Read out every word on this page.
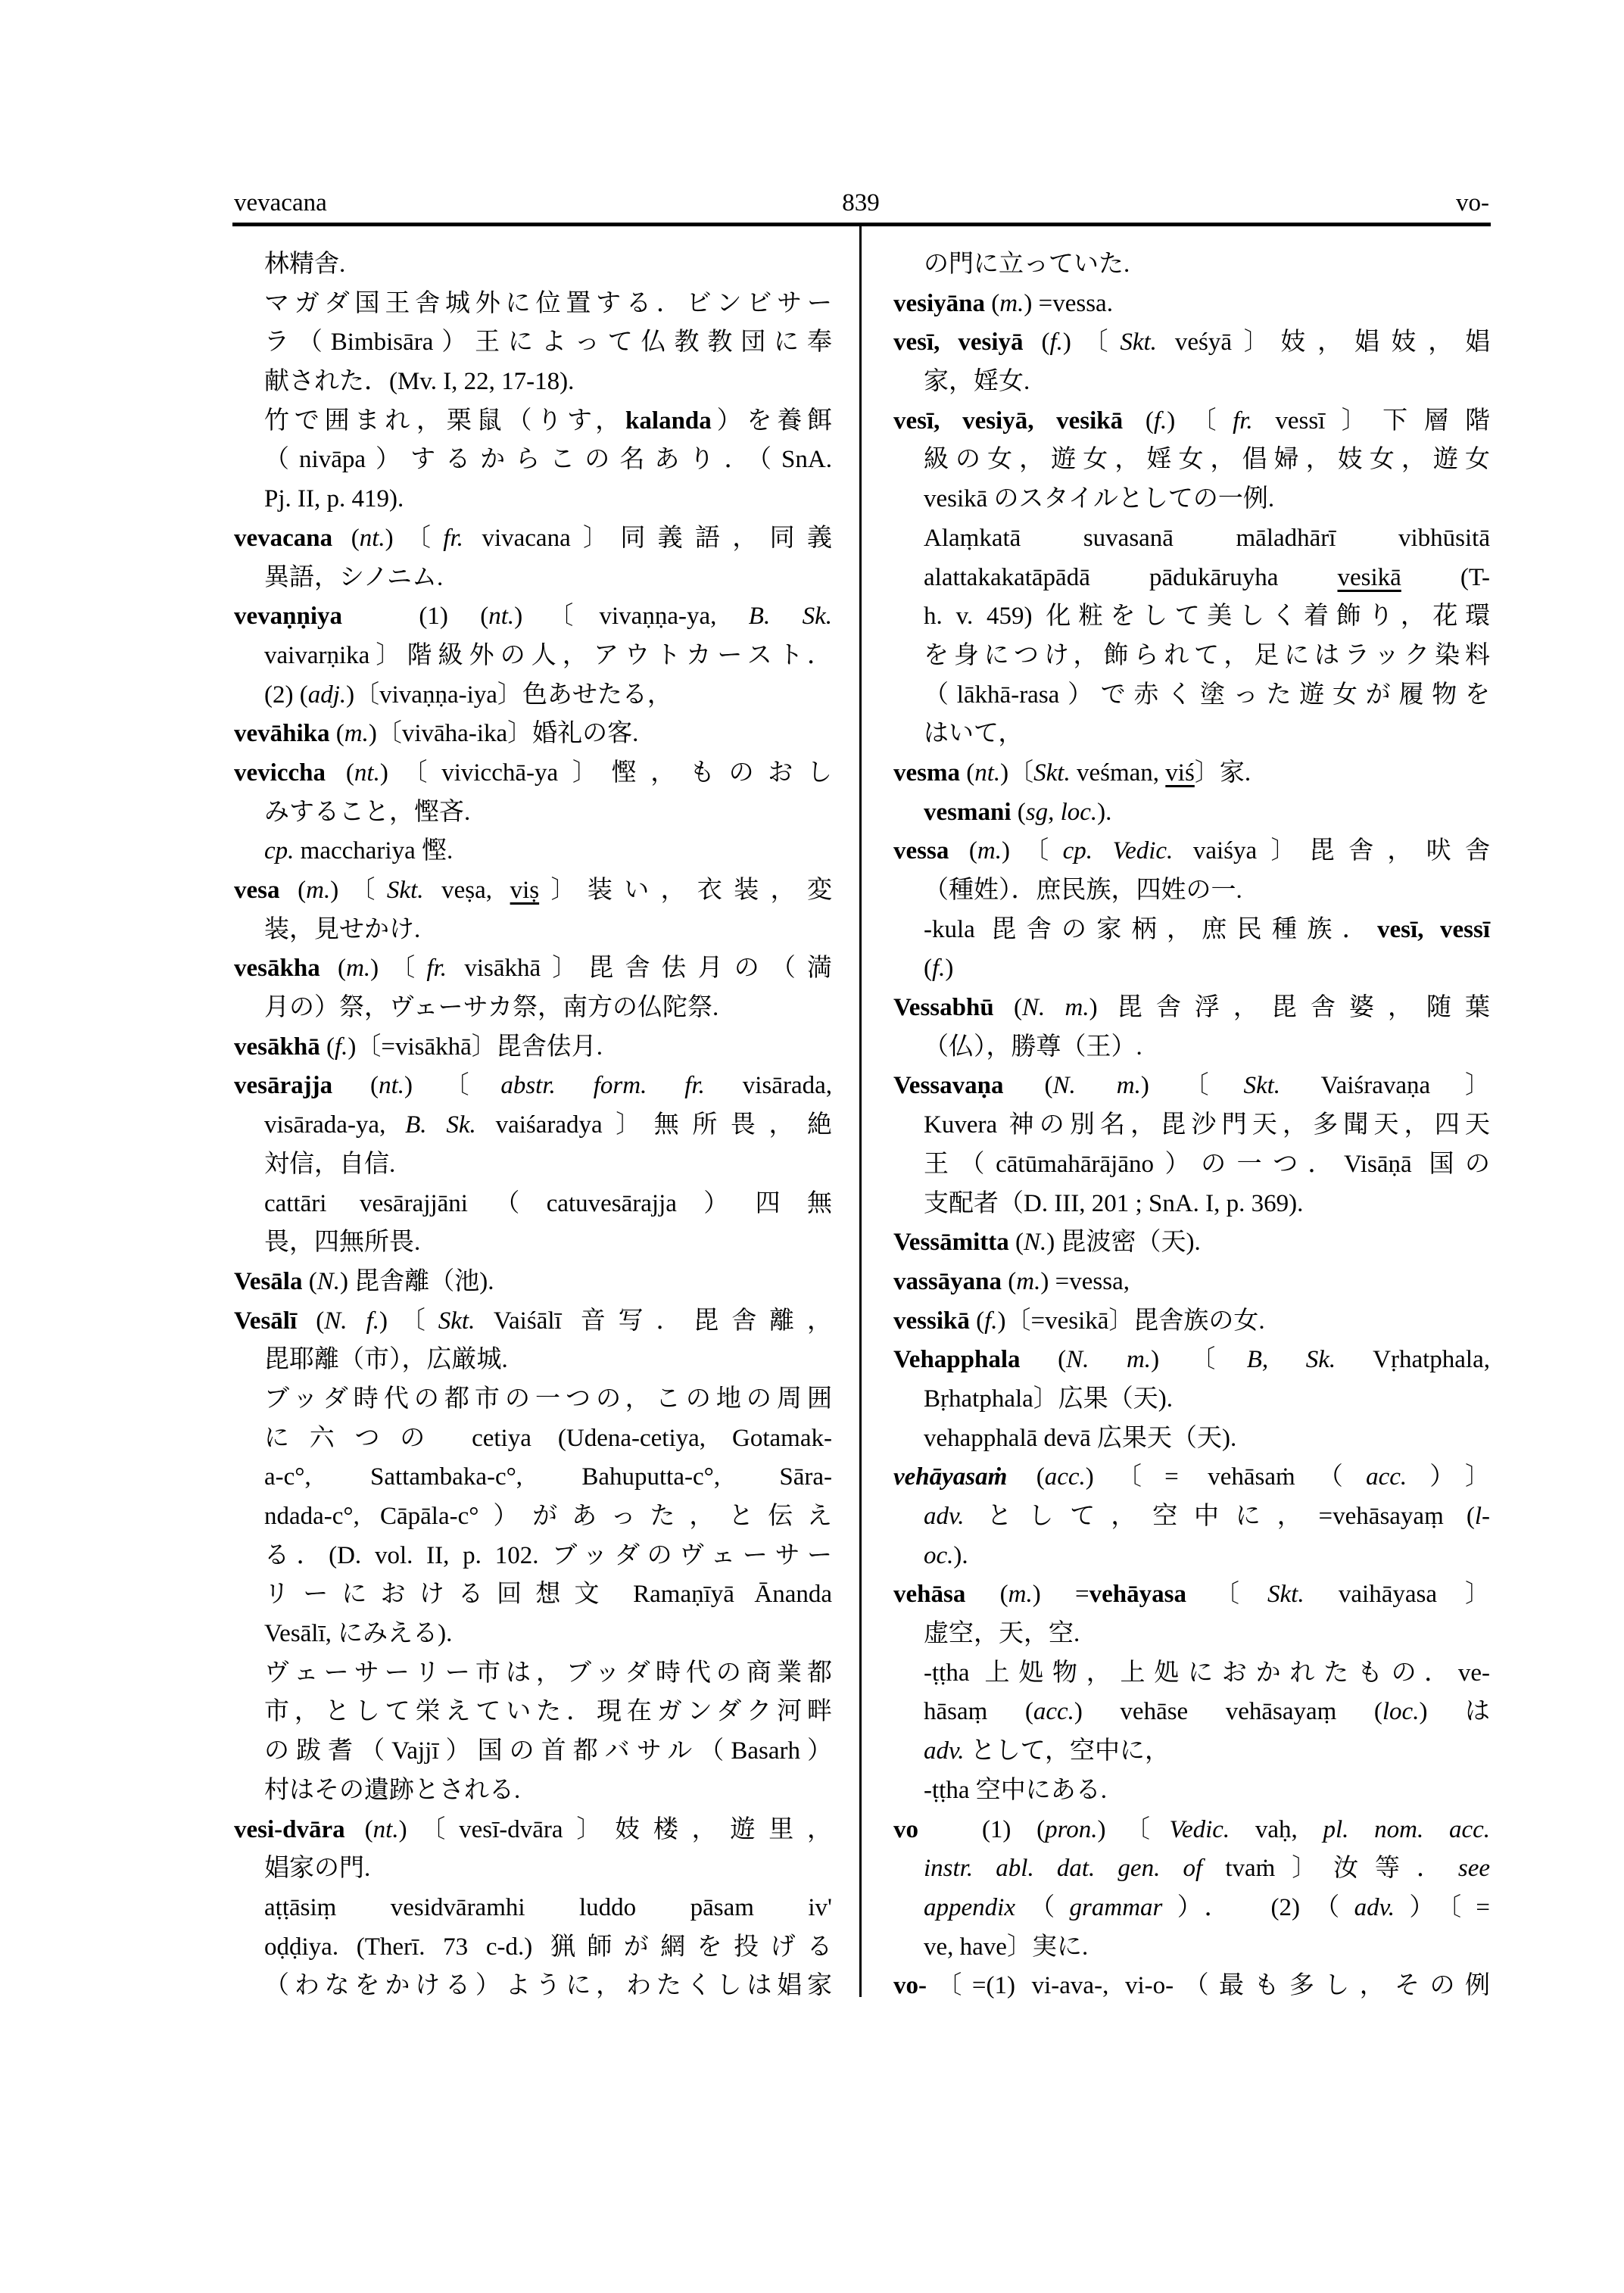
vevacana	839	vo-
林精舎.
マガダ国王舎城外に位置する．ビンビサー
ラ（Bimbisāra）王によって仏教教団に奉
献された．(Mv. I, 22, 17-18).
竹で囲まれ，栗鼠（りす，kalanda）を養餌
（nivāpa）するからこの名あり．（SnA.
Pj. II, p. 419).
vevacana (nt.)〔fr. vivacana〕同義語，同義
異語，シノニム.
vevaṇṇiya　(1) (nt.)〔vivaṇṇa-ya, B. Sk.
vaivarṇika〕階級外の人，アウトカースト．
(2) (adj.)〔vivaṇṇa-iya〕色あせたる，
vevāhika (m.)〔vivāha-ika〕婚礼の客.
veviccha (nt.)〔vivicchā-ya〕慳，ものおし
みすること，慳吝.
cp. macchariya 慳.
vesa (m.)〔Skt. veṣa, viṣ〕装い，衣装，変
装，見せかけ.
vesākha (m.)〔fr. visākhā〕毘舎佉月の（満
月の）祭，ヴェーサカ祭，南方の仏陀祭.
vesākhā (f.)〔=visākhā〕毘舎佉月.
vesārajja (nt.)〔abstr. form. fr. visārada,
visārada-ya, B. Sk. vaiśaradya〕無所畏，絶
対信，自信.
cattāri vesārajjāni（catuvesārajja）四無
畏，四無所畏.
Vesāla (N.) 毘舎離（池).
Vesālī (N. f.)〔Skt. Vaiśālī 音写．毘舎離，
毘耶離（市），広厳城.
ブッダ時代の都市の一つの，この地の周囲
に六つの cetiya (Udena-cetiya, Gotamak-
a-c°, Sattambaka-c°, Bahuputta-c°, Sāra-
ndada-c°, Cāpāla-c°）があった，と伝え
る．(D. vol. II, p. 102. ブッダのヴェーサー
リーにおける回想文 Ramaṇīyā Ānanda
Vesālī, にみえる).
ヴェーサーリー市は，ブッダ時代の商業都
市，として栄えていた．現在ガンダク河畔
の跋耆（Vajjī）国の首都バサル（Basarh）
村はその遺跡とされる.
vesi-dvāra (nt.)〔vesī-dvāra〕妓楼，遊里，
娼家の門.
aṭṭāsiṃ vesidvāramhi luddo pāsam iv'
oḍḍiya. (Therī. 73 c-d.) 猟師が網を投げる
（わなをかける）ように，わたくしは娼家
の門に立っていた.
vesiyāna (m.) =vessa.
vesī, vesiyā (f.)〔Skt. veśyā〕妓，娼妓，娼
家，婬女.
vesī, vesiyā, vesikā (f.)〔fr. vessī〕下層階
級の女，遊女，婬女，倡婦，妓女，遊女
vesikā のスタイルとしての一例.
Alaṃkatā suvasanā māladhārī vibhūsitā
alattakakatāpādā pādukāruyha vesikā (T-
h. v. 459) 化粧をして美しく着飾り，花環
を身につけ，飾られて，足にはラック染料
（lākhā-rasa）で赤く塗った遊女が履物を
はいて，
vesma (nt.)〔Skt. veśman, viś〕家.
vesmani (sg, loc.).
vessa (m.)〔cp. Vedic. vaiśya〕毘舎，吠舎
（種姓）．庶民族，四姓の一.
-kula 毘舎の家柄，庶民種族．vesī, vessī
(f.)
Vessabhū (N. m.) 毘舎浮，毘舎婆，随葉
（仏），勝尊（王）.
Vessavaṇa (N. m.)〔Skt. Vaiśravaṇa〕
Kuvera 神の別名，毘沙門天，多聞天，四天
王（cātūmahārājāno）の一つ．Visāṇā 国の
支配者（D. III, 201 ; SnA. I, p. 369).
Vessāmitta (N.) 毘波密（天).
vassāyana (m.) =vessa,
vessikā (f.)〔=vesikā〕毘舎族の女.
Vehapphala (N. m.)〔B, Sk. Vṛhatphala,
Bṛhatphala〕広果（天).
vehapphalā devā 広果天（天).
vehāyasaṁ (acc.)〔= vehāsaṁ（acc.）〕
adv. として，空中に，=vehāsayaṃ (l-
oc.).
vehāsa (m.) =vehāyasa〔Skt. vaihāyasa〕
虚空，天，空.
-ṭṭha 上処物，上処におかれたもの．ve-
hāsaṃ (acc.) vehāse vehāsayaṃ (loc.) は
adv. として，空中に，
-ṭṭha 空中にある.
vo　(1) (pron.)〔Vedic. vaḥ, pl. nom. acc.
instr. abl. dat. gen. of tvaṁ〕汝等．see
appendix（grammar）．　(2)（adv.）〔=
ve, have〕実に.
vo-〔=(1) vi-ava-, vi-o-（最も多し，その例
